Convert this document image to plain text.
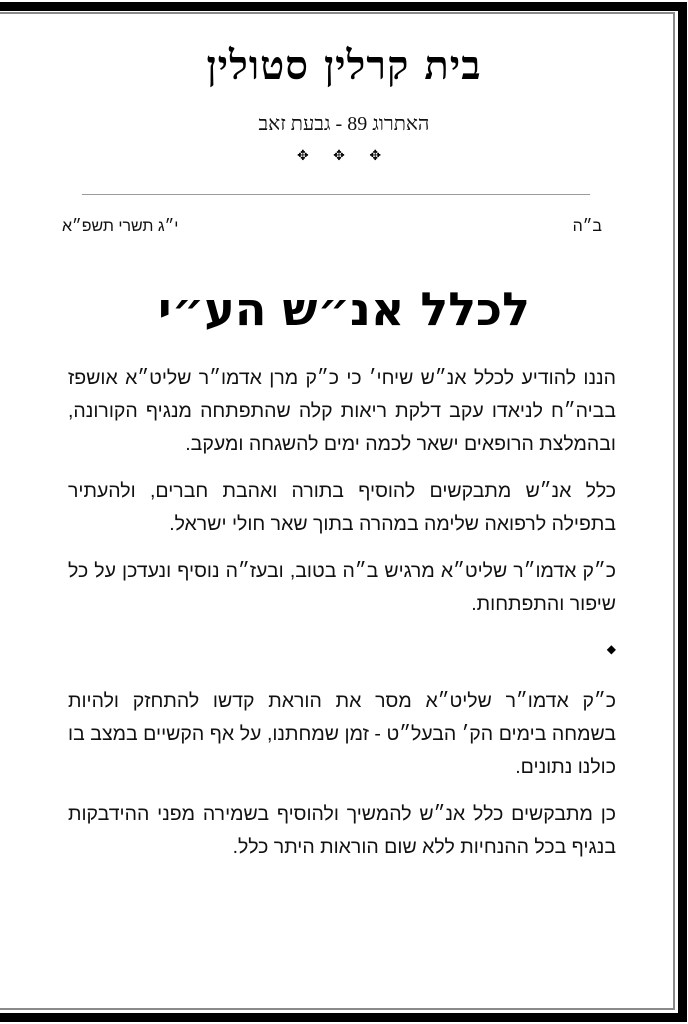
בית קרלין סטולין
האתרוג 89 - גבעת זאב
✥ ✥ ✥
ב״ה
י״ג תשרי תשפ״א
לכלל אנ״ש הע״י

הננו להודיע לכלל אנ״ש שיחי׳ כי כ״ק מרן אדמו״ר שליט״א אושפז בביה״ח לניאדו עקב דלקת ריאות קלה שהתפתחה מנגיף הקורונה, ובהמלצת הרופאים ישאר לכמה ימים להשגחה ומעקב.

כלל אנ״ש מתבקשים להוסיף בתורה ואהבת חברים, ולהעתיר בתפילה לרפואה שלימה במהרה בתוך שאר חולי ישראל.

כ״ק אדמו״ר שליט״א מרגיש ב״ה בטוב, ובעז״ה נוסיף ונעדכן על כל שיפור והתפתחות.

◆

כ״ק אדמו״ר שליט״א מסר את הוראת קדשו להתחזק ולהיות בשמחה בימים הק׳ הבעל״ט - זמן שמחתנו, על אף הקשיים במצב בו כולנו נתונים.

כן מתבקשים כלל אנ״ש להמשיך ולהוסיף בשמירה מפני ההידבקות בנגיף בכל ההנחיות ללא שום הוראות היתר כלל.
